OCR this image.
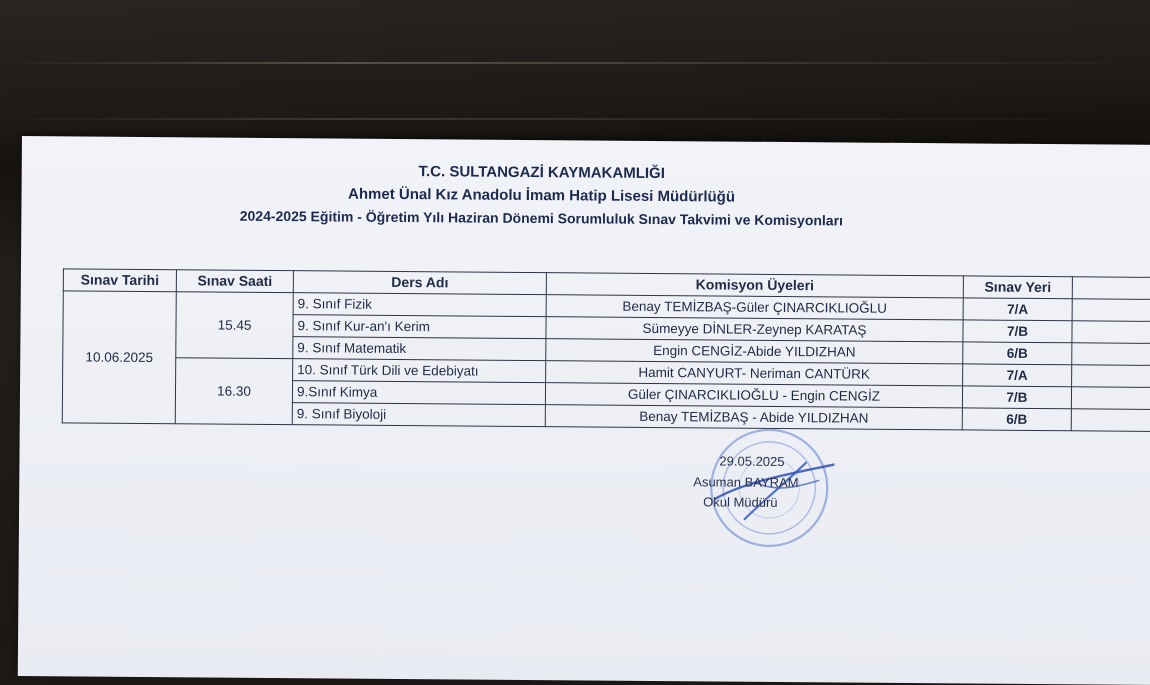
T.C. SULTANGAZİ KAYMAKAMLIĞI
Ahmet Ünal Kız Anadolu İmam Hatip Lisesi Müdürlüğü
2024-2025 Eğitim - Öğretim Yılı Haziran Dönemi Sorumluluk Sınav Takvimi ve Komisyonları
Sınav Tarihi	Sınav Saati	Ders Adı	Komisyon Üyeleri	Sınav Yeri	
10.06.2025	15.45	9. Sınıf Fizik	Benay TEMİZBAŞ-Güler ÇINARCIKLIOĞLU	7/A	
		9. Sınıf Kur-an'ı Kerim	Sümeyye DİNLER-Zeynep KARATAŞ	7/B	
		9. Sınıf Matematik	Engin CENGİZ-Abide YILDIZHAN	6/B	
	16.30	10. Sınıf Türk Dili ve Edebiyatı	Hamit CANYURT- Neriman CANTÜRK	7/A	
		9.Sınıf Kimya	Güler ÇINARCIKLIOĞLU - Engin CENGİZ	7/B	
		9. Sınıf Biyoloji	Benay TEMİZBAŞ - Abide YILDIZHAN	6/B	
29.05.2025
Asuman BAYRAM
Okul Müdürü
